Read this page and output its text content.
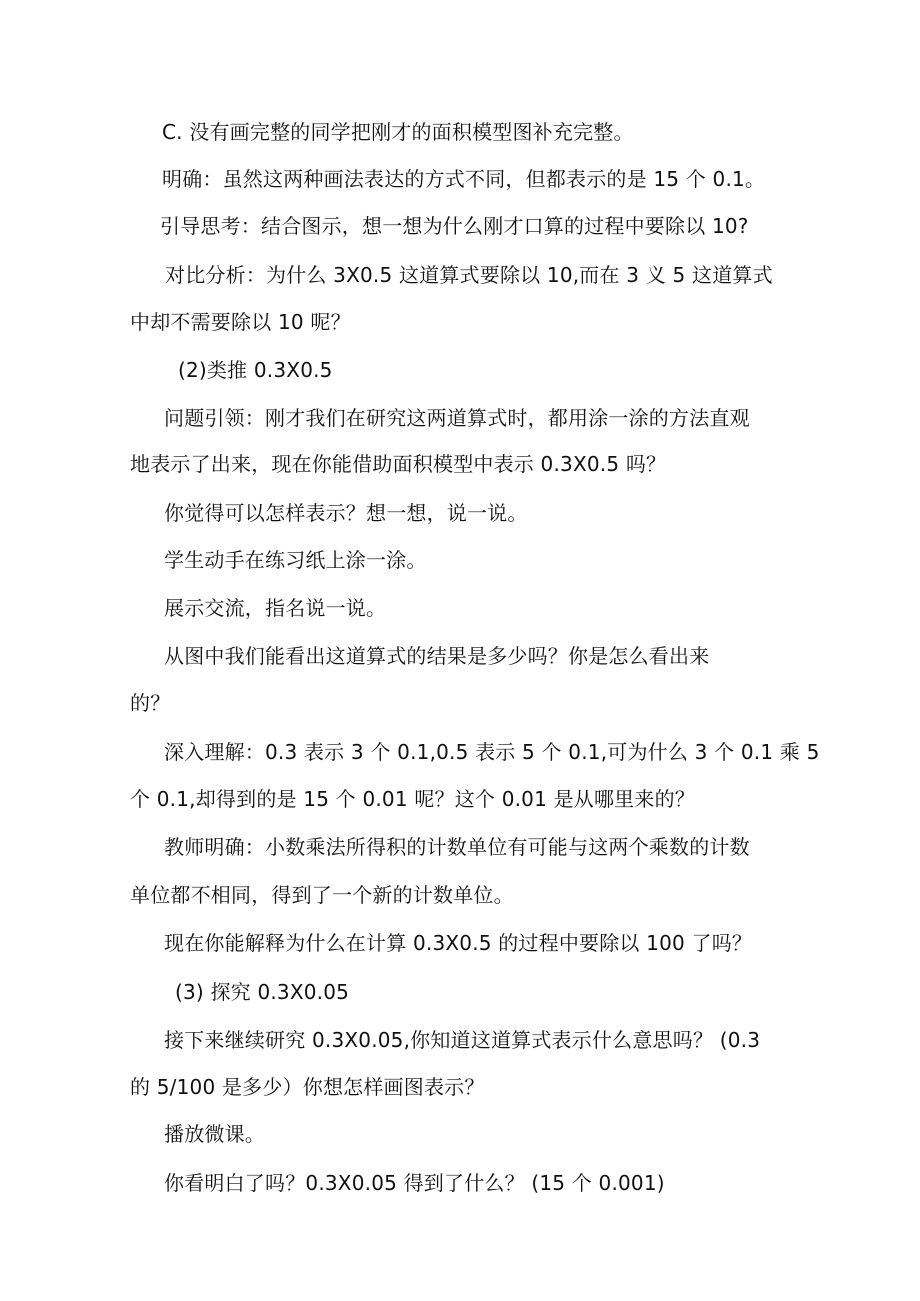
C. 没有画完整的同学把刚才的面积模型图补充完整。
明确：虽然这两种画法表达的方式不同，但都表示的是 15 个 0.1。
引导思考：结合图示，想一想为什么刚才口算的过程中要除以 10?
对比分析：为什么 3X0.5 这道算式要除以 10,而在 3 义 5 这道算式
中却不需要除以 10 呢？
(2)类推 0.3X0.5
问题引领：刚才我们在研究这两道算式时，都用涂一涂的方法直观
地表示了出来，现在你能借助面积模型中表示 0.3X0.5 吗？
你觉得可以怎样表示？想一想，说一说。
学生动手在练习纸上涂一涂。
展示交流，指名说一说。
从图中我们能看出这道算式的结果是多少吗？你是怎么看出来
的？
深入理解：0.3 表示 3 个 0.1,0.5 表示 5 个 0.1,可为什么 3 个 0.1 乘 5
个 0.1,却得到的是 15 个 0.01 呢？这个 0.01 是从哪里来的？
教师明确：小数乘法所得积的计数单位有可能与这两个乘数的计数
单位都不相同，得到了一个新的计数单位。
现在你能解释为什么在计算 0.3X0.5 的过程中要除以 100 了吗？
(3) 探究 0.3X0.05
接下来继续研究 0.3X0.05,你知道这道算式表示什么意思吗？ (0.3
的 5/100 是多少）你想怎样画图表示？
播放微课。
你看明白了吗？0.3X0.05 得到了什么？ (15 个 0.001)
